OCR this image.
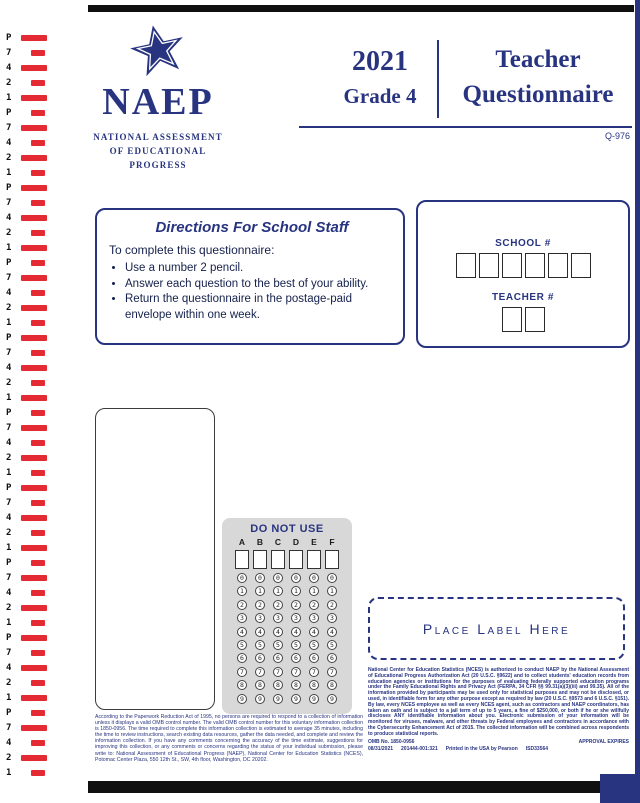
P
7
4
2
1
P
7
4
2
1
P
7
4
2
1
P
7
4
2
1
P
7
4
2
1
P
7
4
2
1
P
7
4
2
1
P
7
4
2
1
P
7
4
2
1
P
7
4
2
1
NAEP
NATIONAL ASSESSMENT
OF EDUCATIONAL
PROGRESS
2021
Grade 4
Teacher
Questionnaire
Q-976
Directions For School Staff

To complete this questionnaire:

• Use a number 2 pencil.
• Answer each question to the best of your ability.
• Return the questionnaire in the postage-paid envelope within one week.
SCHOOL #
TEACHER #
DO NOT USE
A	B	C	D	E	F
0	0	0	0	0	0
1	1	1	1	1	1
2	2	2	2	2	2
3	3	3	3	3	3
4	4	4	4	4	4
5	5	5	5	5	5
6	6	6	6	6	6
7	7	7	7	7	7
8	8	8	8	8	8
9	9	9	9	9	9
Place Label Here
National Center for Education Statistics (NCES) is authorized to conduct NAEP by the National Assessment of Educational Progress Authorization Act (20 U.S.C. §9622) and to collect students' education records from education agencies or institutions for the purposes of evaluating federally supported education programs under the Family Educational Rights and Privacy Act (FERPA, 34 CFR §§ 99.31(a)(3)(iii) and 99.35). All of the information provided by participants may be used only for statistical purposes and may not be disclosed, or used, in identifiable form for any other purpose except as required by law (20 U.S.C. §9573 and 6 U.S.C. §151). By law, every NCES employee as well as every NCES agent, such as contractors and NAEP coordinators, has taken an oath and is subject to a jail term of up to 5 years, a fine of $250,000, or both if he or she willfully discloses ANY identifiable information about you. Electronic submission of your information will be monitored for viruses, malware, and other threats by Federal employees and contractors in accordance with the Cybersecurity Enhancement Act of 2015. The collected information will be combined across respondents to produce statistical reports.
OMB No. 1850-0956	APPROVAL EXPIRES
08/31/2021 201444-001:321 Printed in the USA by Pearson ISD33564
According to the Paperwork Reduction Act of 1995, no persons are required to respond to a collection of information unless it displays a valid OMB control number. The valid OMB control number for this voluntary information collection is 1850-0956. The time required to complete this information collection is estimated to average 35 minutes, including the time to review instructions, search existing data resources, gather the data needed, and complete and review the information collection. If you have any comments concerning the accuracy of the time estimate, suggestions for improving this collection, or any comments or concerns regarding the status of your individual submission, please write to: National Assessment of Educational Progress (NAEP), National Center for Education Statistics (NCES), Potomac Center Plaza, 550 12th St., SW, 4th floor, Washington, DC 20202.
